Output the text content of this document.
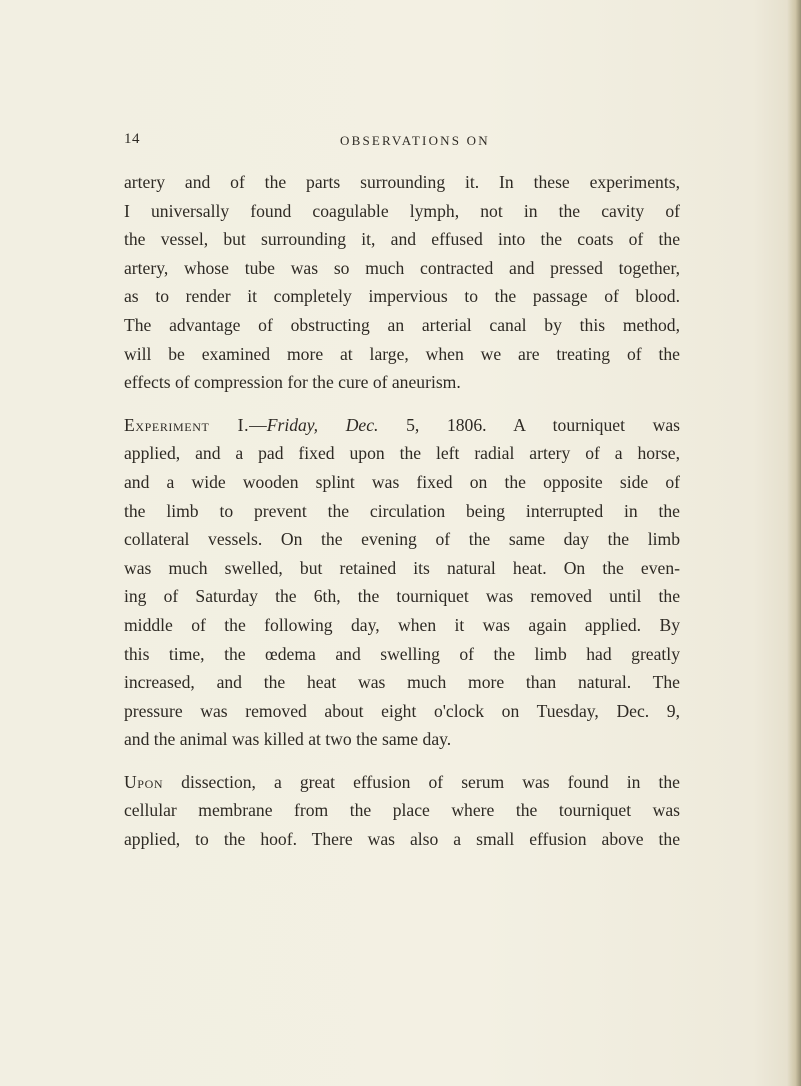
14	OBSERVATIONS ON
artery and of the parts surrounding it. In these experiments,
I universally found coagulable lymph, not in the cavity of
the vessel, but surrounding it, and effused into the coats of the
artery, whose tube was so much contracted and pressed together,
as to render it completely impervious to the passage of blood.
The advantage of obstructing an arterial canal by this method,
will be examined more at large, when we are treating of the
effects of compression for the cure of aneurism.
Experiment I.—Friday, Dec. 5, 1806. A tourniquet was
applied, and a pad fixed upon the left radial artery of a horse,
and a wide wooden splint was fixed on the opposite side of
the limb to prevent the circulation being interrupted in the
collateral vessels. On the evening of the same day the limb
was much swelled, but retained its natural heat. On the even-
ing of Saturday the 6th, the tourniquet was removed until the
middle of the following day, when it was again applied. By
this time, the œdema and swelling of the limb had greatly
increased, and the heat was much more than natural. The
pressure was removed about eight o'clock on Tuesday, Dec. 9,
and the animal was killed at two the same day.
Upon dissection, a great effusion of serum was found in the
cellular membrane from the place where the tourniquet was
applied, to the hoof. There was also a small effusion above the
